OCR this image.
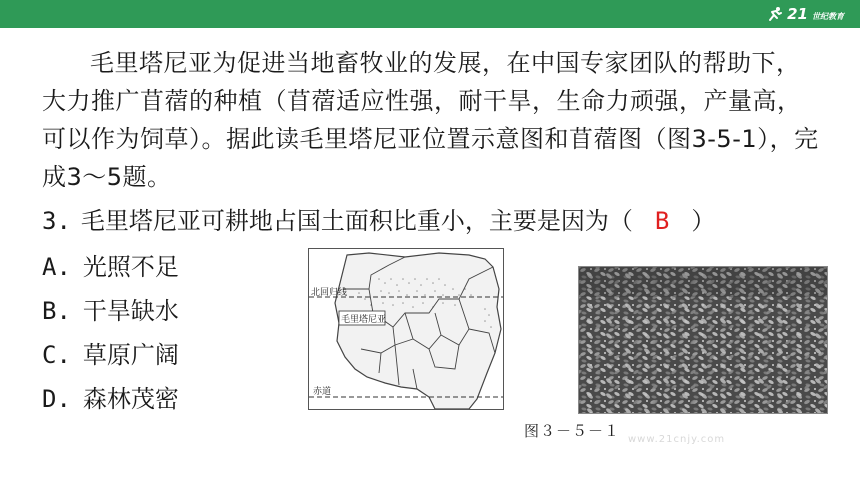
21 世纪教育
毛里塔尼亚为促进当地畜牧业的发展，在中国专家团队的帮助下，大力推广苜蓿的种植（苜蓿适应性强，耐干旱，生命力顽强，产量高，可以作为饲草）。据此读毛里塔尼亚位置示意图和苜蓿图（图3-5-1），完成3～5题。
3. 毛里塔尼亚可耕地占国土面积比重小，主要是因为（ B ）
A. 光照不足
B. 干旱缺水
C. 草原广阔
D. 森林茂密
北回归线
毛里塔尼亚
赤道
图３－５－１ www.21cnjy.com
